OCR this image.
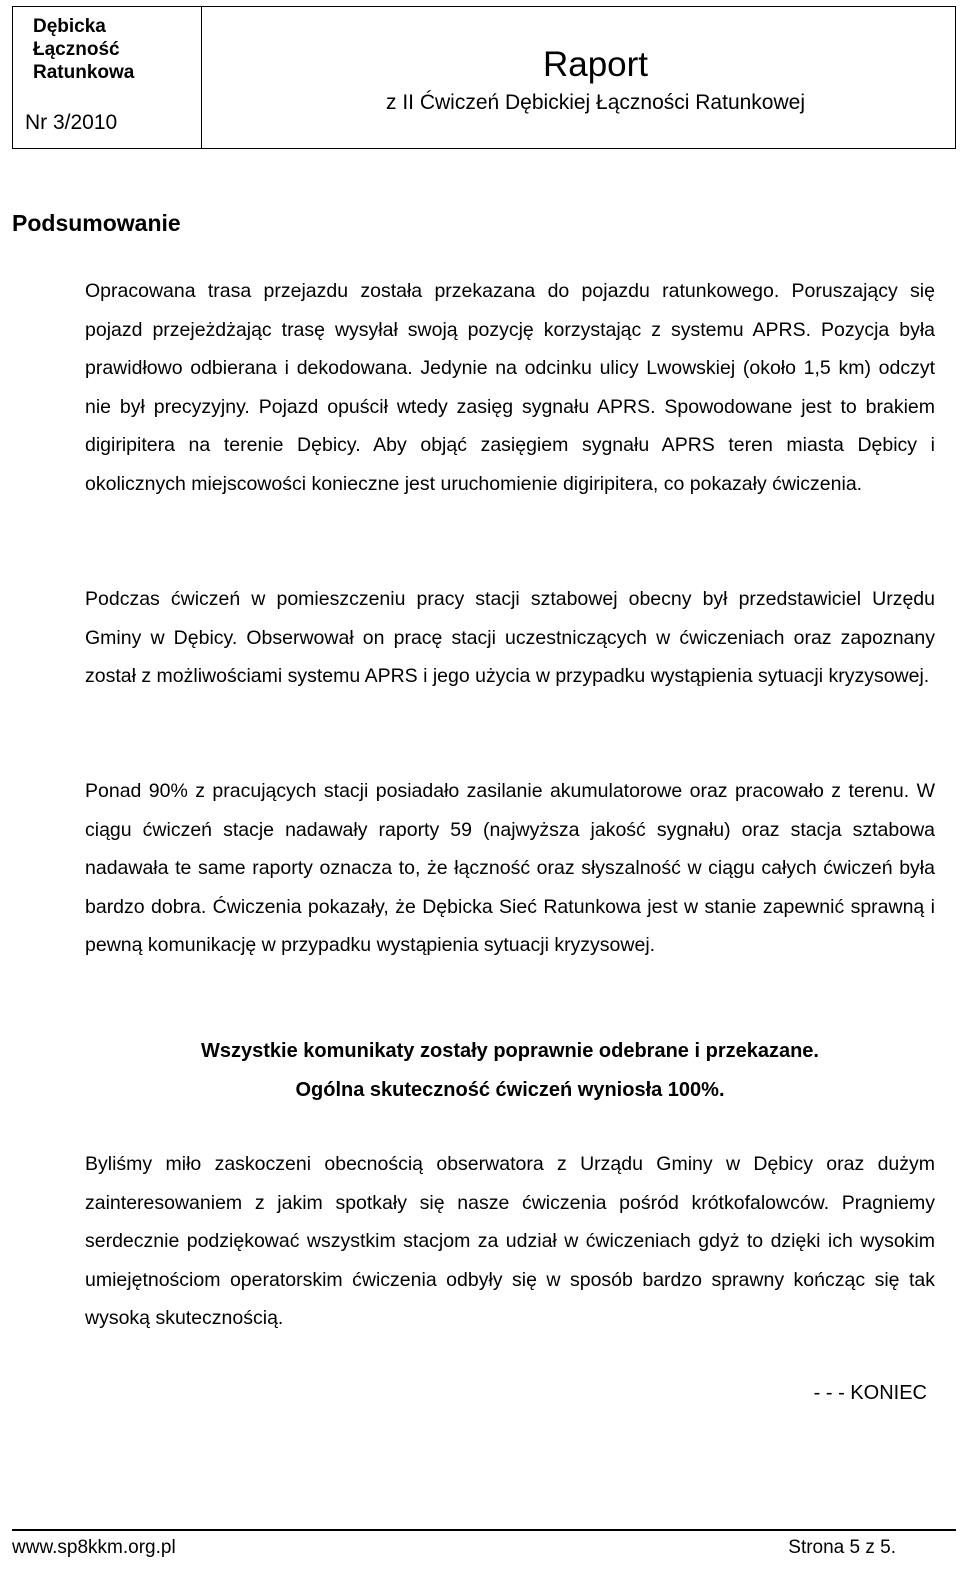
Dębicka
Łączność
Ratunkowa
Nr 3/2010
Raport
z II Ćwiczeń Dębickiej Łączności Ratunkowej
Podsumowanie

Opracowana trasa przejazdu została przekazana do pojazdu ratunkowego. Poruszający się pojazd przejeżdżając trasę wysyłał swoją pozycję korzystając z systemu APRS. Pozycja była prawidłowo odbierana i dekodowana. Jedynie na odcinku ulicy Lwowskiej (około 1,5 km) odczyt nie był precyzyjny. Pojazd opuścił wtedy zasięg sygnału APRS. Spowodowane jest to brakiem digiripitera na terenie Dębicy. Aby objąć zasięgiem sygnału APRS teren miasta Dębicy i okolicznych miejscowości konieczne jest uruchomienie digiripitera, co pokazały ćwiczenia.

Podczas ćwiczeń w pomieszczeniu pracy stacji sztabowej obecny był przedstawiciel Urzędu Gminy w Dębicy. Obserwował on pracę stacji uczestniczących w ćwiczeniach oraz zapoznany został z możliwościami systemu APRS i jego użycia w przypadku wystąpienia sytuacji kryzysowej.

Ponad 90% z pracujących stacji posiadało zasilanie akumulatorowe oraz pracowało z terenu. W ciągu ćwiczeń stacje nadawały raporty 59 (najwyższa jakość sygnału) oraz stacja sztabowa nadawała te same raporty oznacza to, że łączność oraz słyszalność w ciągu całych ćwiczeń była bardzo dobra. Ćwiczenia pokazały, że Dębicka Sieć Ratunkowa jest w stanie zapewnić sprawną i pewną komunikację w przypadku wystąpienia sytuacji kryzysowej.

Wszystkie komunikaty zostały poprawnie odebrane i przekazane.
Ogólna skuteczność ćwiczeń wyniosła 100%.

Byliśmy miło zaskoczeni obecnością obserwatora z Urządu Gminy w Dębicy oraz dużym zainteresowaniem z jakim spotkały się nasze ćwiczenia pośród krótkofalowców. Pragniemy serdecznie podziękować wszystkim stacjom za udział w ćwiczeniach gdyż to dzięki ich wysokim umiejętnościom operatorskim ćwiczenia odbyły się w sposób bardzo sprawny kończąc się tak wysoką skutecznością.

- - - KONIEC
www.sp8kkm.org.pl	Strona 5 z 5.
